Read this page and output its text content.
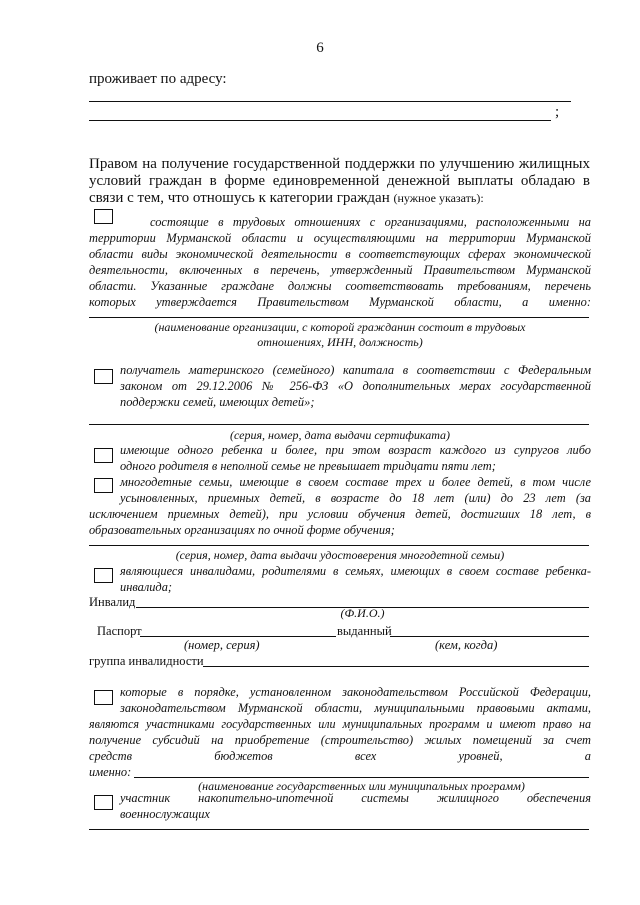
6
проживает по адресу:
;
Правом на получение государственной поддержки по улучшению жилищных
условий граждан в форме единовременной денежной выплаты обладаю в
связи с тем, что отношусь к категории граждан (нужное указать):
состоящие в трудовых отношениях с организациями, расположенными на
территории Мурманской области и осуществляющими на территории Мурманской
области виды экономической деятельности в соответствующих сферах экономической
деятельности, включенных в перечень, утвержденный Правительством Мурманской
области. Указанные граждане должны соответствовать требованиям, перечень
которых утверждается Правительством Мурманской области, а именно:
(наименование организации, с которой гражданин состоит в трудовых
отношениях, ИНН, должность)
получатель материнского (семейного) капитала в соответствии с Федеральным
законом от 29.12.2006 № 256-ФЗ «О дополнительных мерах государственной
поддержки семей, имеющих детей»;
(серия, номер, дата выдачи сертификата)
имеющие одного ребенка и более, при этом возраст каждого из супругов либо
одного родителя в неполной семье не превышает тридцати пяти лет;
многодетные семьи, имеющие в своем составе трех и более детей, в том числе
усыновленных, приемных детей, в возрасте до 18 лет (или) до 23 лет (за
исключением приемных детей), при условии обучения детей, достигших 18 лет, в
образовательных организациях по очной форме обучения;
(серия, номер, дата выдачи удостоверения многодетной семьи)
являющиеся инвалидами, родителями в семьях, имеющих в своем составе ребенка-
инвалида;
Инвалид
(Ф.И.О.)
Паспорт	выданный
(номер, серия)	(кем, когда)
группа инвалидности
которые в порядке, установленном законодательством Российской Федерации,
законодательством Мурманской области, муниципальными правовыми актами,
являются участниками государственных или муниципальных программ и имеют право на
получение субсидий на приобретение (строительство) жилых помещений за счет
средств бюджетов всех уровней, а
именно:
(наименование государственных или муниципальных программ)
участник накопительно-ипотечной системы жилищного обеспечения
военнослужащих
